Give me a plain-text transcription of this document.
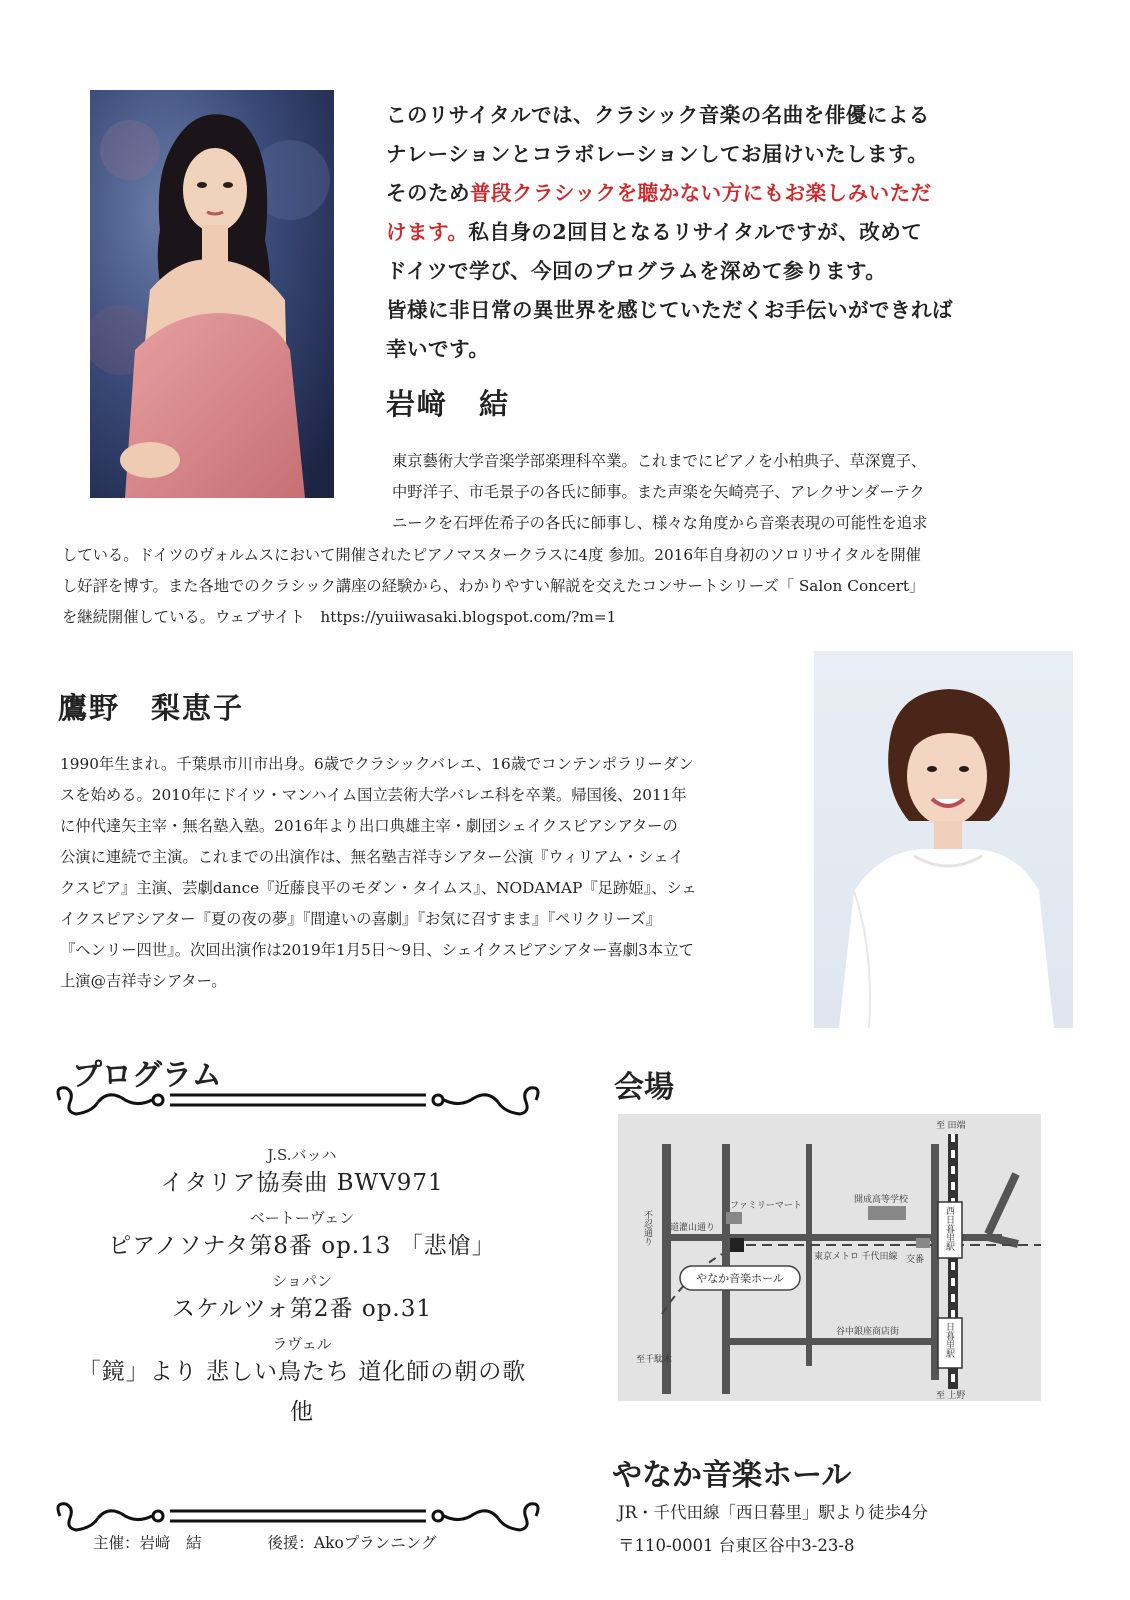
このリサイタルでは、クラシック音楽の名曲を俳優による
ナレーションとコラボレーションしてお届けいたします。
そのため普段クラシックを聴かない方にもお楽しみいただ
けます。私自身の2回目となるリサイタルですが、改めて
ドイツで学び、今回のプログラムを深めて参ります。
皆様に非日常の異世界を感じていただくお手伝いができれば
幸いです。
岩﨑　結
東京藝術大学音楽学部楽理科卒業。これまでにピアノを小柏典子、草深寛子、
中野洋子、市毛景子の各氏に師事。また声楽を矢崎亮子、アレクサンダーテク
ニークを石坪佐希子の各氏に師事し、様々な角度から音楽表現の可能性を追求
している。ドイツのヴォルムスにおいて開催されたピアノマスタークラスに4度 参加。2016年自身初のソロリサイタルを開催
し好評を博す。また各地でのクラシック講座の経験から、わかりやすい解説を交えたコンサートシリーズ「 Salon Concert」
を継続開催している。ウェブサイト　https://yuiiwasaki.blogspot.com/?m=1
鷹野　梨恵子
1990年生まれ。千葉県市川市出身。6歳でクラシックバレエ、16歳でコンテンポラリーダン
スを始める。2010年にドイツ・マンハイム国立芸術大学バレエ科を卒業。帰国後、2011年
に仲代達矢主宰・無名塾入塾。2016年より出口典雄主宰・劇団シェイクスピアシアターの
公演に連続で主演。これまでの出演作は、無名塾吉祥寺シアター公演『ウィリアム・シェイ
クスピア』主演、芸劇dance『近藤良平のモダン・タイムス』、NODAMAP『足跡姫』、シェ
イクスピアシアター『夏の夜の夢』『間違いの喜劇』『お気に召すまま』『ペリクリーズ』
『ヘンリー四世』。次回出演作は2019年1月5日～9日、シェイクスピアシアター喜劇3本立て
上演@吉祥寺シアター。
プログラム
J.S.バッハ
イタリア協奏曲 BWV971
ベートーヴェン
ピアノソナタ第8番 op.13 「悲愴」
ショパン
スケルツォ第2番 op.31
ラヴェル
「鏡」より 悲しい鳥たち 道化師の朝の歌
他
主催：岩﨑　結	後援：Akoプランニング
会場
至 田端
至 上野
至千駄木
ファミリーマート
開成高等学校
道灌山通り
東京メトロ 千代田線 交番
谷中銀座商店街
やなか音楽ホール
不忍通り	西日暮里駅
日暮里駅
やなか音楽ホール
JR・千代田線「西日暮里」駅より徒歩4分
〒110-0001 台東区谷中3-23-8
